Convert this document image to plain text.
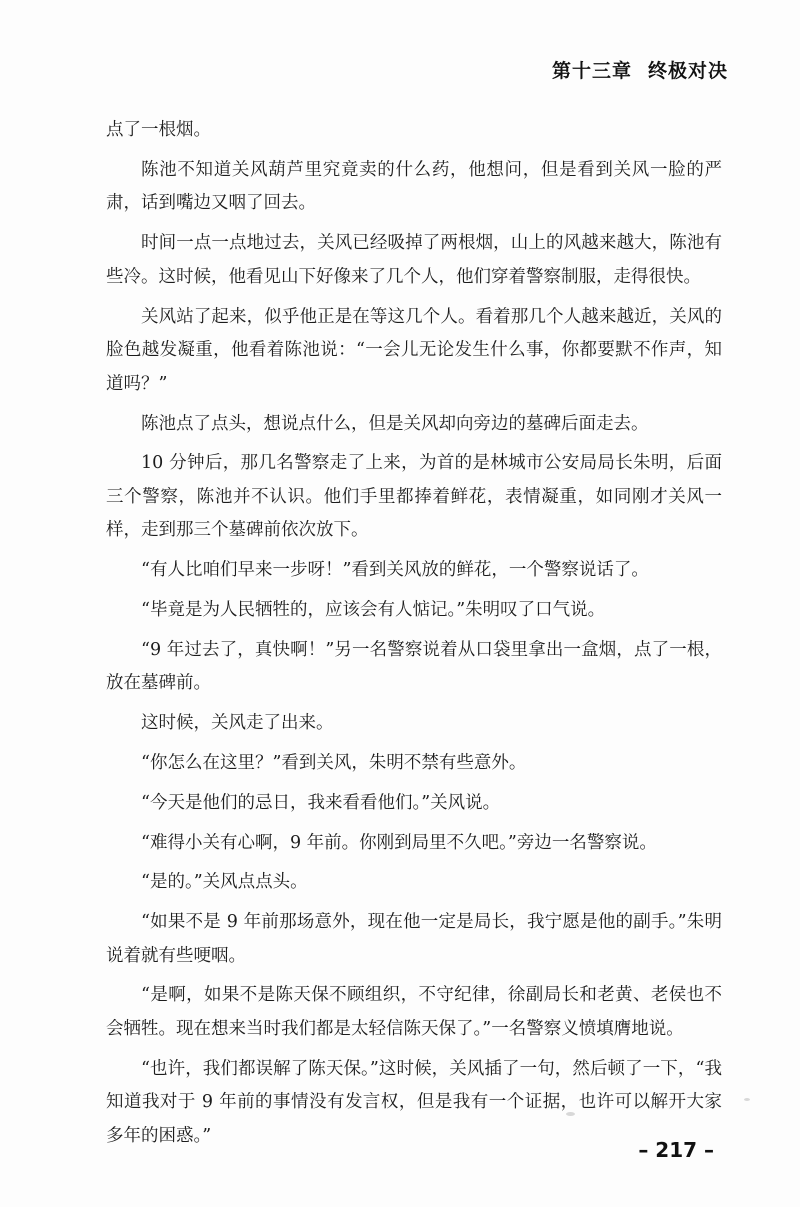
第十三章 终极对决

点了一根烟。

陈池不知道关风葫芦里究竟卖的什么药，他想问，但是看到关风一脸的严肃，话到嘴边又咽了回去。

时间一点一点地过去，关风已经吸掉了两根烟，山上的风越来越大，陈池有些冷。这时候，他看见山下好像来了几个人，他们穿着警察制服，走得很快。

关风站了起来，似乎他正是在等这几个人。看着那几个人越来越近，关风的脸色越发凝重，他看着陈池说：“一会儿无论发生什么事，你都要默不作声，知道吗？”

陈池点了点头，想说点什么，但是关风却向旁边的墓碑后面走去。

10 分钟后，那几名警察走了上来，为首的是林城市公安局局长朱明，后面三个警察，陈池并不认识。他们手里都捧着鲜花，表情凝重，如同刚才关风一样，走到那三个墓碑前依次放下。

“有人比咱们早来一步呀！”看到关风放的鲜花，一个警察说话了。

“毕竟是为人民牺牲的，应该会有人惦记。”朱明叹了口气说。

“9 年过去了，真快啊！”另一名警察说着从口袋里拿出一盒烟，点了一根，放在墓碑前。

这时候，关风走了出来。

“你怎么在这里？”看到关风，朱明不禁有些意外。

“今天是他们的忌日，我来看看他们。”关风说。

“难得小关有心啊，9 年前。你刚到局里不久吧。”旁边一名警察说。

“是的。”关风点点头。

“如果不是 9 年前那场意外，现在他一定是局长，我宁愿是他的副手。”朱明说着就有些哽咽。

“是啊，如果不是陈天保不顾组织，不守纪律，徐副局长和老黄、老侯也不会牺牲。现在想来当时我们都是太轻信陈天保了。”一名警察义愤填膺地说。

“也许，我们都误解了陈天保。”这时候，关风插了一句，然后顿了一下，“我知道我对于 9 年前的事情没有发言权，但是我有一个证据，也许可以解开大家多年的困惑。”

– 217 –
